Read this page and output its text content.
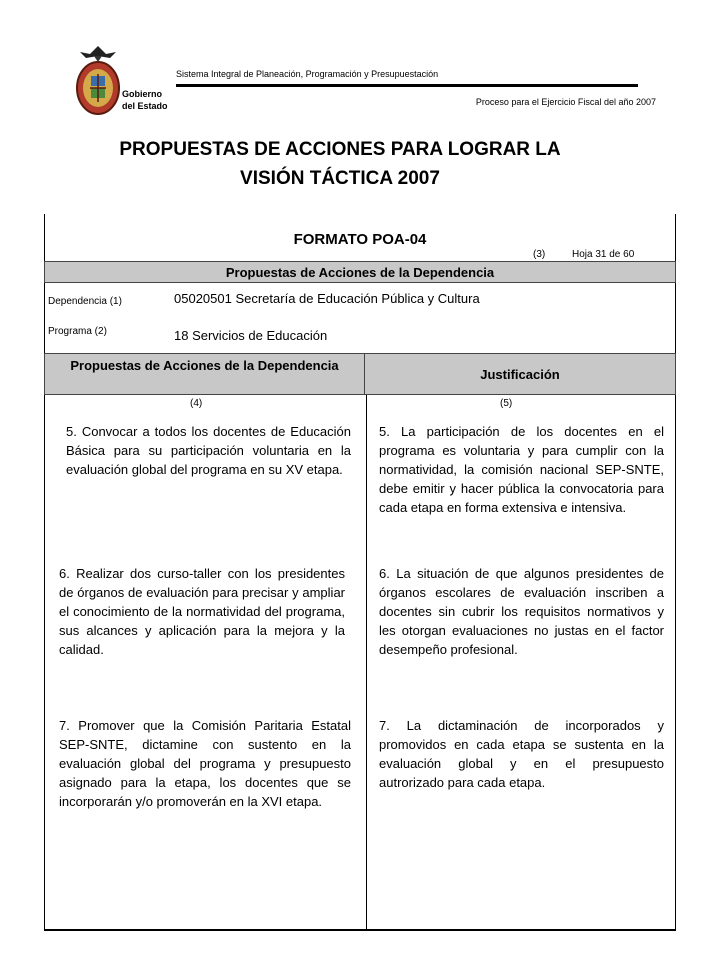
Gobierno
del Estado
Sistema Integral de Planeación, Programación y Presupuestación
Proceso para el Ejercicio Fiscal del año 2007
PROPUESTAS DE ACCIONES PARA LOGRAR LA
VISIÓN TÁCTICA 2007
FORMATO POA-04
(3)	Hoja 31 de 60
Propuestas de Acciones de la Dependencia
Dependencia (1)	05020501 Secretaría de Educación Pública y Cultura
Programa (2)	18 Servicios de Educación
Propuestas de Acciones de la Dependencia
Justificación
(4)	(5)
5. Convocar a todos los docentes de Educación Básica para su participación voluntaria en la evaluación global del programa en su XV etapa.
5. La participación de los docentes en el programa es voluntaria y para cumplir con la normatividad, la comisión nacional SEP-SNTE, debe emitir y hacer pública la convocatoria para cada etapa en forma extensiva e intensiva.
6. Realizar dos curso-taller con los presidentes de órganos de evaluación para precisar y ampliar el conocimiento de la normatividad del programa, sus alcances y aplicación para la mejora y la calidad.
6. La situación de que algunos presidentes de órganos escolares de evaluación inscriben a docentes sin cubrir los requisitos normativos y les otorgan evaluaciones no justas en el factor desempeño profesional.
7. Promover que la Comisión Paritaria Estatal SEP-SNTE, dictamine con sustento en la evaluación global del programa y presupuesto asignado para la etapa, los docentes que se incorporarán y/o promoverán en la XVI etapa.
7. La dictaminación de incorporados y promovidos en cada etapa se sustenta en la evaluación global y en el presupuesto autrorizado para cada etapa.
